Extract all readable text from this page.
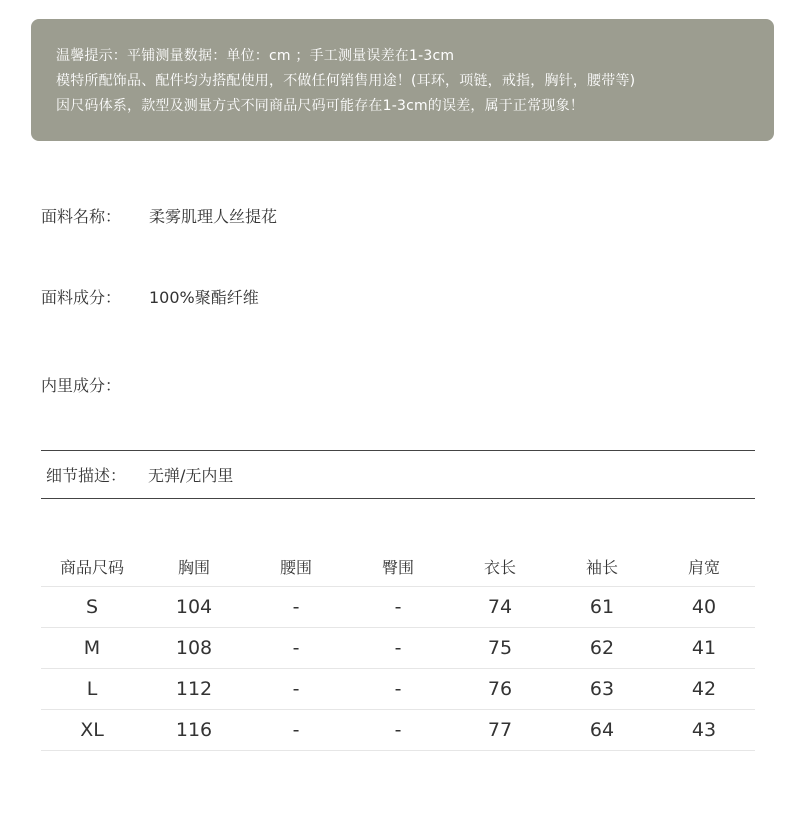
温馨提示：平铺测量数据：单位：cm ；手工测量误差在1-3cm
模特所配饰品、配件均为搭配使用，不做任何销售用途！(耳环，项链，戒指，胸针，腰带等)
因尺码体系，款型及测量方式不同商品尺码可能存在1-3cm的误差，属于正常现象！
面料名称： 柔雾肌理人丝提花
面料成分： 100%聚酯纤维
内里成分：
细节描述： 无弹/无内里
商品尺码	胸围	腰围	臀围	衣长	袖长	肩宽
S	104	-	-	74	61	40
M	108	-	-	75	62	41
L	112	-	-	76	63	42
XL	116	-	-	77	64	43
